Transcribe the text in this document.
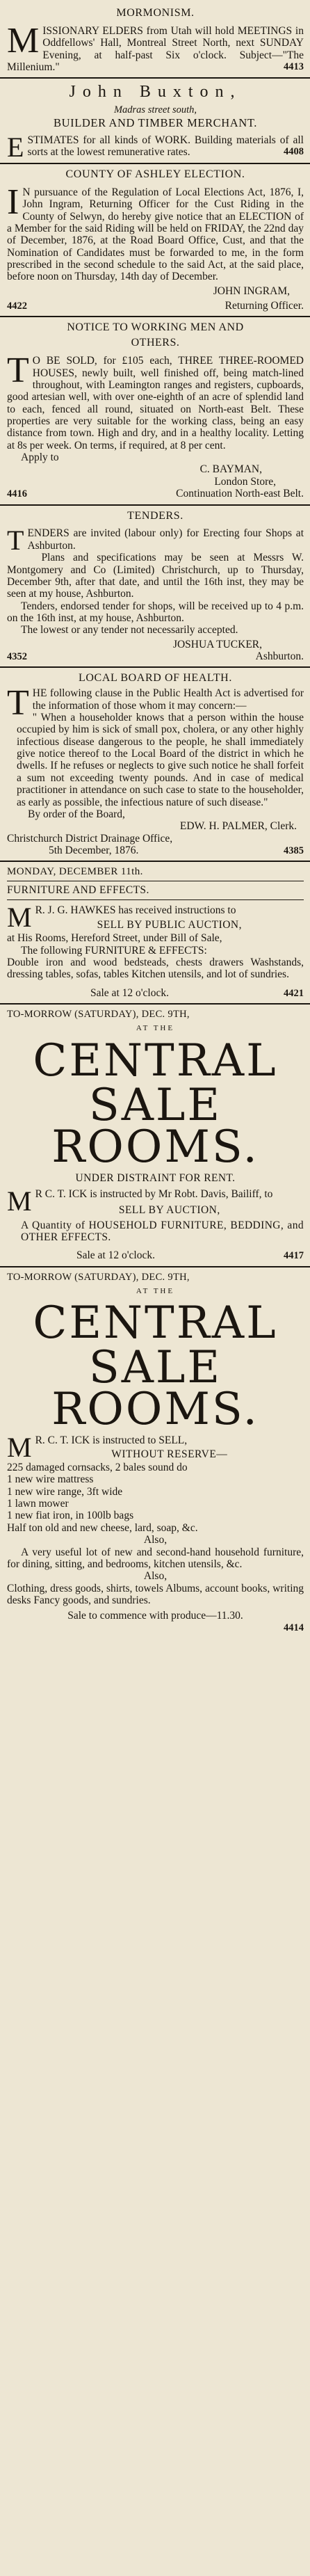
MORMONISM.

M ISSIONARY ELDERS from Utah will hold MEETINGS in Oddfellows' Hall, Montreal Street North, next SUNDAY Evening, at half-past Six o'clock. Subject—"The Millenium."	4413

John Buxton,
Madras street south,
BUILDER AND TIMBER MERCHANT.

E STIMATES for all kinds of WORK. Building materials of all sorts at the lowest remunerative rates.	4408

COUNTY OF ASHLEY ELECTION.

I N pursuance of the Regulation of Local Elections Act, 1876, I, John Ingram, Returning Officer for the Cust Riding in the County of Selwyn, do hereby give notice that an ELECTION of a Member for the said Riding will be held on FRIDAY, the 22nd day of December, 1876, at the Road Board Office, Cust, and that the Nomination of Candidates must be forwarded to me, in the form prescribed in the second schedule to the said Act, at the said place, before noon on Thursday, 14th day of December.

JOHN INGRAM,
4422	Returning Officer.
NOTICE TO WORKING MEN AND
OTHERS.

T O BE SOLD, for £105 each, THREE THREE-ROOMED HOUSES, newly built, well finished off, being match-lined throughout, with Leamington ranges and registers, cupboards, good artesian well, with over one-eighth of an acre of splendid land to each, fenced all round, situated on North-east Belt. These properties are very suitable for the working class, being an easy distance from town. High and dry, and in a healthy locality. Letting at 8s per week. On terms, if required, at 8 per cent.

Apply to
C. BAYMAN,
London Store,
4416	Continuation North-east Belt.
TENDERS.

T ENDERS are invited (labour only) for Erecting four Shops at Ashburton.

Plans and specifications may be seen at Messrs W. Montgomery and Co (Limited) Christchurch, up to Thursday, December 9th, after that date, and until the 16th inst, they may be seen at my house, Ashburton.

Tenders, endorsed tender for shops, will be received up to 4 p.m. on the 16th inst, at my house, Ashburton.

The lowest or any tender not necessarily accepted.

JOSHUA TUCKER,
4352	Ashburton.
LOCAL BOARD OF HEALTH.

T HE following clause in the Public Health Act is advertised for the information of those whom it may concern:—

" When a householder knows that a person within the house occupied by him is sick of small pox, cholera, or any other highly infectious disease dangerous to the people, he shall immediately give notice thereof to the Local Board of the district in which he dwells. If he refuses or neglects to give such notice he shall forfeit a sum not exceeding twenty pounds. And in case of medical practitioner in attendance on such case to state to the householder, as early as possible, the infectious nature of such disease."

By order of the Board,
EDW. H. PALMER, Clerk.
Christchurch District Drainage Office,
5th December, 1876.	4385
MONDAY, DECEMBER 11th.
FURNITURE AND EFFECTS.

M R. J. G. HAWKES has received instructions to

SELL BY PUBLIC AUCTION,

at His Rooms, Hereford Street, under Bill of Sale,

The following FURNITURE & EFFECTS:

Double iron and wood bedsteads, chests drawers Washstands, dressing tables, sofas, tables Kitchen utensils, and lot of sundries.

Sale at 12 o'clock.	4421
TO-MORROW (SATURDAY), DEC. 9TH,
AT THE
CENTRAL
SALE ROOMS.
UNDER DISTRAINT FOR RENT.

M R C. T. ICK is instructed by Mr Robt. Davis, Bailiff, to

SELL BY AUCTION,

A Quantity of HOUSEHOLD FURNITURE, BEDDING, and OTHER EFFECTS.

Sale at 12 o'clock.	4417
TO-MORROW (SATURDAY), DEC. 9TH,
AT THE
CENTRAL
SALE ROOMS.

M R. C. T. ICK is instructed to SELL,

WITHOUT RESERVE—
225 damaged cornsacks, 2 bales sound do
1 new wire mattress
1 new wire range, 3ft wide
1 lawn mower
1 new fiat iron, in 100lb bags
Half ton old and new cheese, lard, soap, &c.
Also,

A very useful lot of new and second-hand household furniture, for dining, sitting, and bedrooms, kitchen utensils, &c.

Also,

Clothing, dress goods, shirts, towels Albums, account books, writing desks Fancy goods, and sundries.

Sale to commence with produce—11.30.
4414
